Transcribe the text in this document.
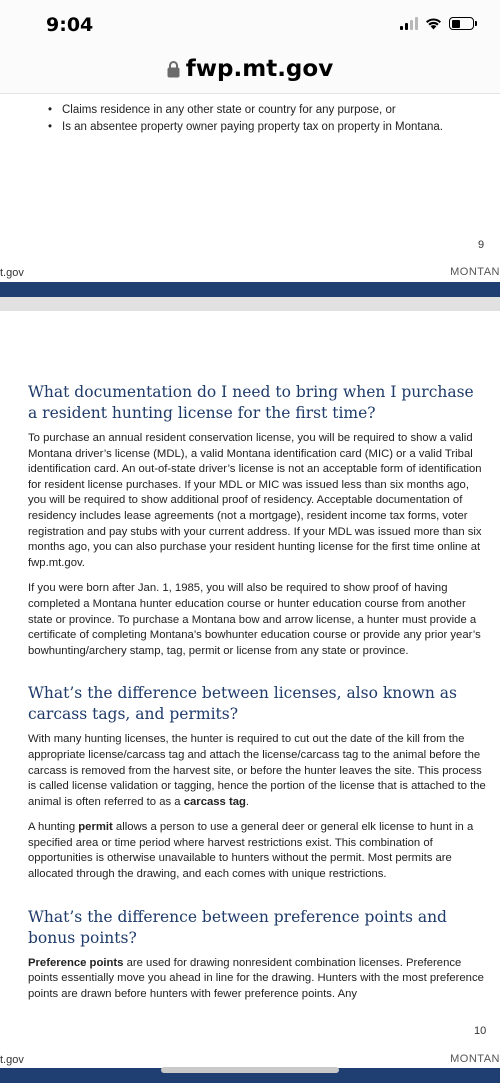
9:04
fwp.mt.gov
• Claims residence in any other state or country for any purpose, or
• Is an absentee property owner paying property tax on property in Montana.
9
t.gov	MONTAN
What documentation do I need to bring when I purchase a resident hunting license for the first time?
To purchase an annual resident conservation license, you will be required to show a valid Montana driver’s license (MDL), a valid Montana identification card (MIC) or a valid Tribal identification card. An out-of-state driver’s license is not an acceptable form of identification for resident license purchases. If your MDL or MIC was issued less than six months ago, you will be required to show additional proof of residency. Acceptable documentation of residency includes lease agreements (not a mortgage), resident income tax forms, voter registration and pay stubs with your current address. If your MDL was issued more than six months ago, you can also purchase your resident hunting license for the first time online at fwp.mt.gov.
If you were born after Jan. 1, 1985, you will also be required to show proof of having completed a Montana hunter education course or hunter education course from another state or province. To purchase a Montana bow and arrow license, a hunter must provide a certificate of completing Montana’s bowhunter education course or provide any prior year’s bowhunting/archery stamp, tag, permit or license from any state or province.
What’s the difference between licenses, also known as carcass tags, and permits?
With many hunting licenses, the hunter is required to cut out the date of the kill from the appropriate license/carcass tag and attach the license/carcass tag to the animal before the carcass is removed from the harvest site, or before the hunter leaves the site. This process is called license validation or tagging, hence the portion of the license that is attached to the animal is often referred to as a carcass tag.
A hunting permit allows a person to use a general deer or general elk license to hunt in a specified area or time period where harvest restrictions exist. This combination of opportunities is otherwise unavailable to hunters without the permit. Most permits are allocated through the drawing, and each comes with unique restrictions.
What’s the difference between preference points and bonus points?
Preference points are used for drawing nonresident combination licenses. Preference points essentially move you ahead in line for the drawing. Hunters with the most preference points are drawn before hunters with fewer preference points. Any
10
t.gov	MONTAN
